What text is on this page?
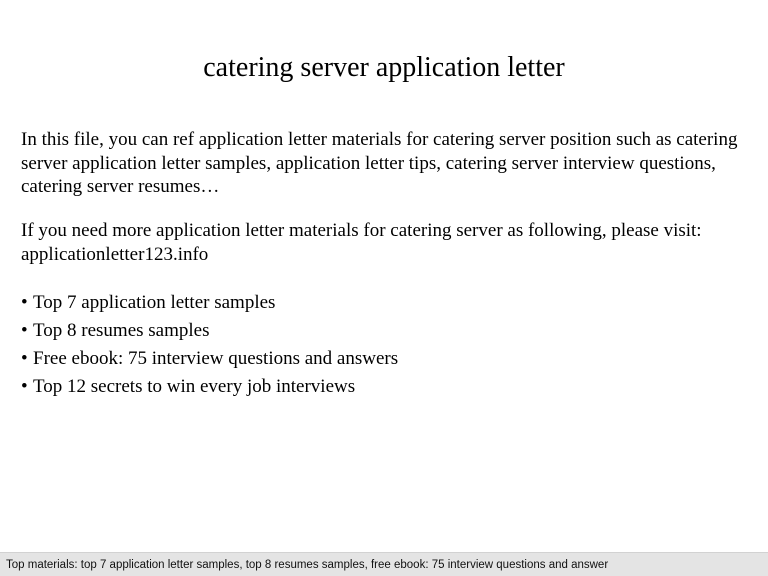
catering server application letter

In this file, you can ref application letter materials for catering server position such as catering server application letter samples, application letter tips, catering server interview questions, catering server resumes…

If you need more application letter materials for catering server as following, please visit: applicationletter123.info

• Top 7 application letter samples
• Top 8 resumes samples
• Free ebook: 75 interview questions and answers
• Top 12 secrets to win every job interviews
Top materials: top 7 application letter samples, top 8 resumes samples, free ebook: 75 interview questions and answer
